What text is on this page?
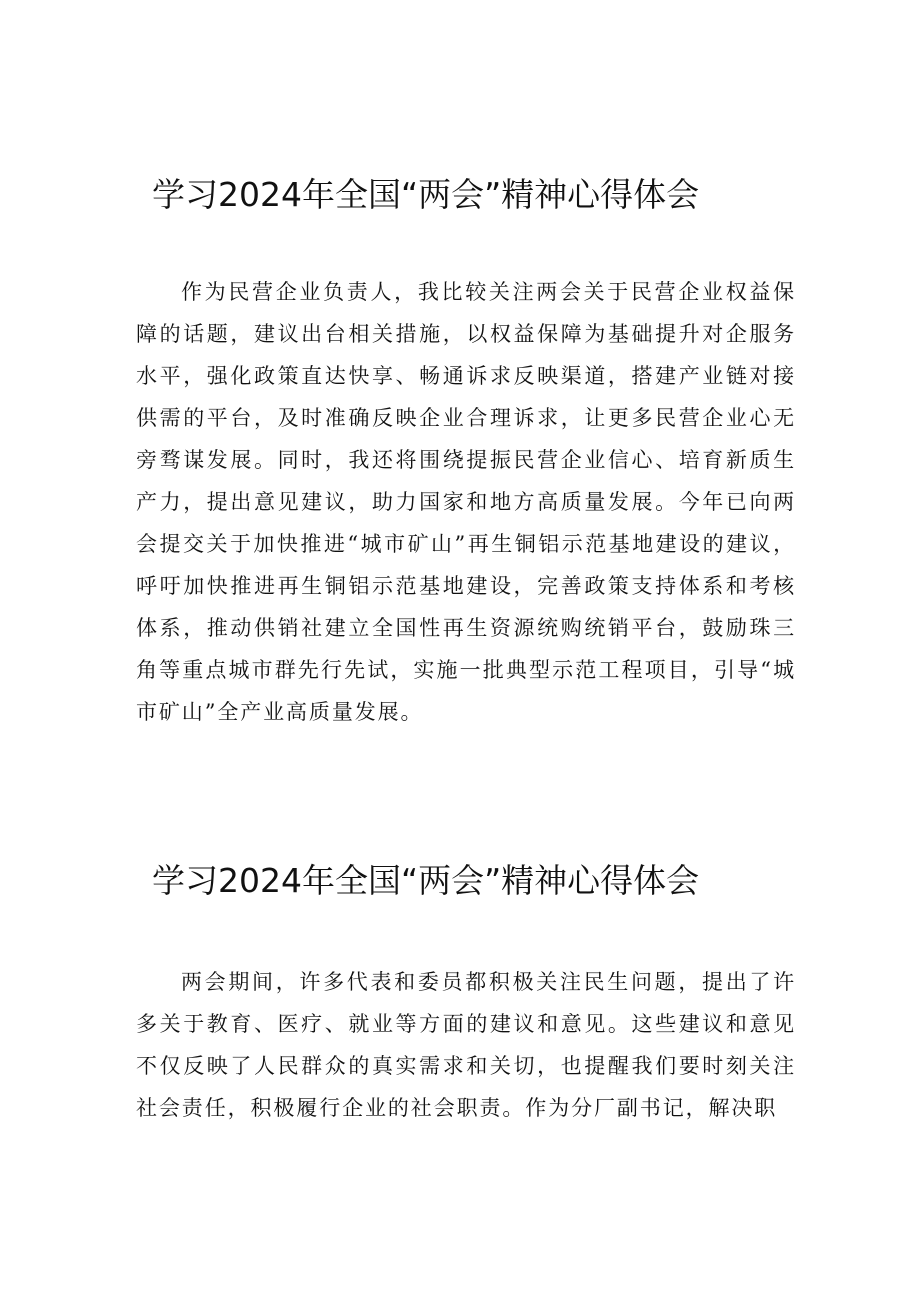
学习2024年全国“两会”精神心得体会

作为民营企业负责人，我比较关注两会关于民营企业权益保障的话题，建议出台相关措施，以权益保障为基础提升对企服务水平，强化政策直达快享、畅通诉求反映渠道，搭建产业链对接供需的平台，及时准确反映企业合理诉求，让更多民营企业心无旁骛谋发展。同时，我还将围绕提振民营企业信心、培育新质生产力，提出意见建议，助力国家和地方高质量发展。今年已向两会提交关于加快推进“城市矿山”再生铜铝示范基地建设的建议，呼吁加快推进再生铜铝示范基地建设，完善政策支持体系和考核体系，推动供销社建立全国性再生资源统购统销平台，鼓励珠三角等重点城市群先行先试，实施一批典型示范工程项目，引导“城市矿山”全产业高质量发展。

学习2024年全国“两会”精神心得体会

两会期间，许多代表和委员都积极关注民生问题，提出了许多关于教育、医疗、就业等方面的建议和意见。这些建议和意见不仅反映了人民群众的真实需求和关切，也提醒我们要时刻关注社会责任，积极履行企业的社会职责。作为分厂副书记，解决职
